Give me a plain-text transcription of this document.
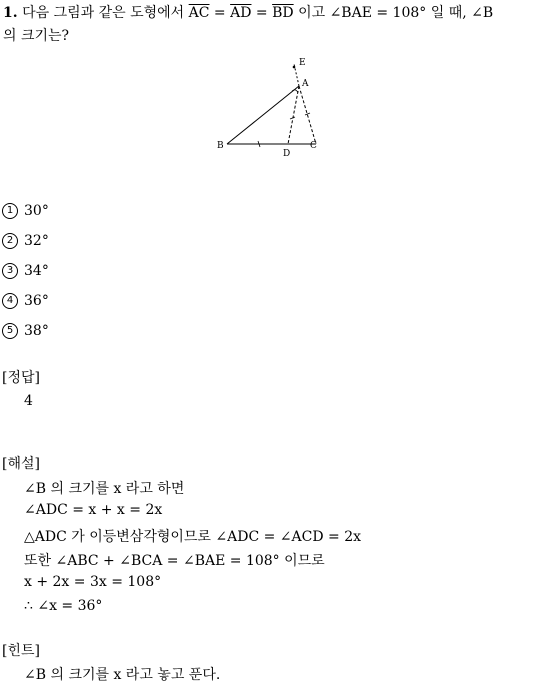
1. 다음 그림과 같은 도형에서 $\overline{AC} = \overline{AD} = \overline{BD}$ 이고 ∠BAE = 108° 일 때, ∠B
의 크기는?
E
A
B	C
D
1 30°
2 32°
3 34°
4 36°
5 38°
[정답]
4
[해설]
∠B 의 크기를 x 라고 하면
∠ADC = x + x = 2x
△ADC 가 이등변삼각형이므로 ∠ADC = ∠ACD = 2x
또한 ∠ABC + ∠BCA = ∠BAE = 108° 이므로
x + 2x = 3x = 108°
∴ ∠x = 36°
[힌트]
∠B 의 크기를 x 라고 놓고 푼다.
